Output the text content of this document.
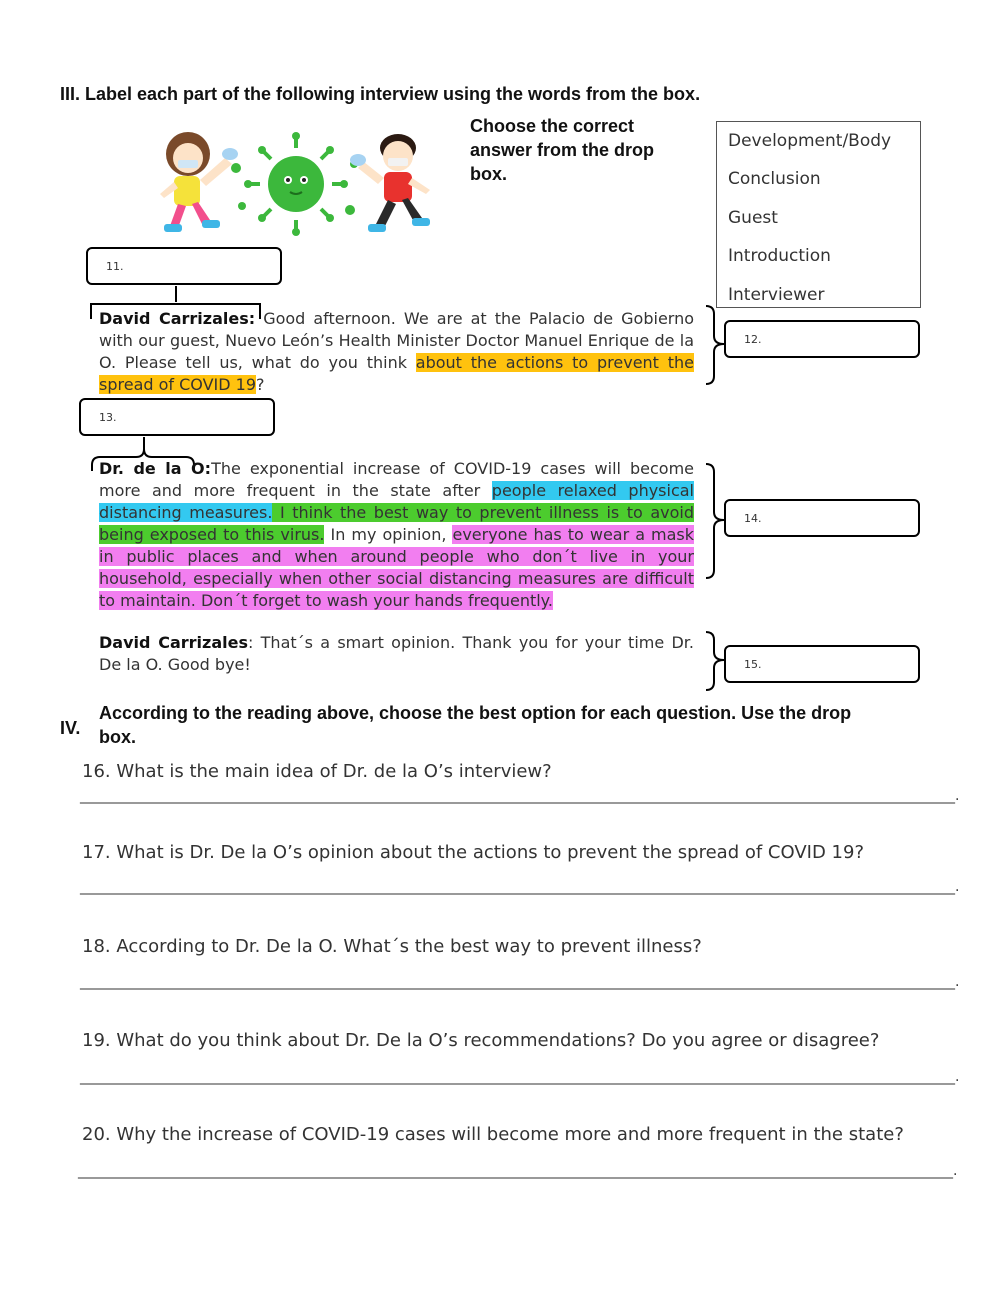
III. Label each part of the following interview using the words from the box.
Choose the correct answer from the drop box.
Development/Body
Conclusion
Guest
Introduction
Interviewer
11.
David Carrizales: Good afternoon. We are at the Palacio de Gobierno with our guest, Nuevo León’s Health Minister Doctor Manuel Enrique de la O. Please tell us, what do you think about the actions to prevent the spread of COVID 19?
12.
13.
Dr. de la O:The exponential increase of COVID-19 cases will become more and more frequent in the state after people relaxed physical distancing measures. I think the best way to prevent illness is to avoid being exposed to this virus. In my opinion, everyone has to wear a mask in public places and when around people who don´t live in your household, especially when other social distancing measures are difficult to maintain. Don´t forget to wash your hands frequently.
14.
David Carrizales: That´s a smart opinion. Thank you for your time Dr. De la O. Good bye!	15.
IV.
According to the reading above, choose the best option for each question. Use the drop box.
16. What is the main idea of Dr. de la O’s interview?
_____________________________________________________________________________________________________________________________.
17. What is Dr. De la O’s opinion about the actions to prevent the spread of COVID 19?
_____________________________________________________________________________________________________________________________.
18. According to Dr. De la O. What´s the best way to prevent illness?
_____________________________________________________________________________________________________________________________.
19. What do you think about Dr. De la O’s recommendations? Do you agree or disagree?
_____________________________________________________________________________________________________________________________.
20. Why the increase of COVID-19 cases will become more and more frequent in the state?
_____________________________________________________________________________________________________________________________.
